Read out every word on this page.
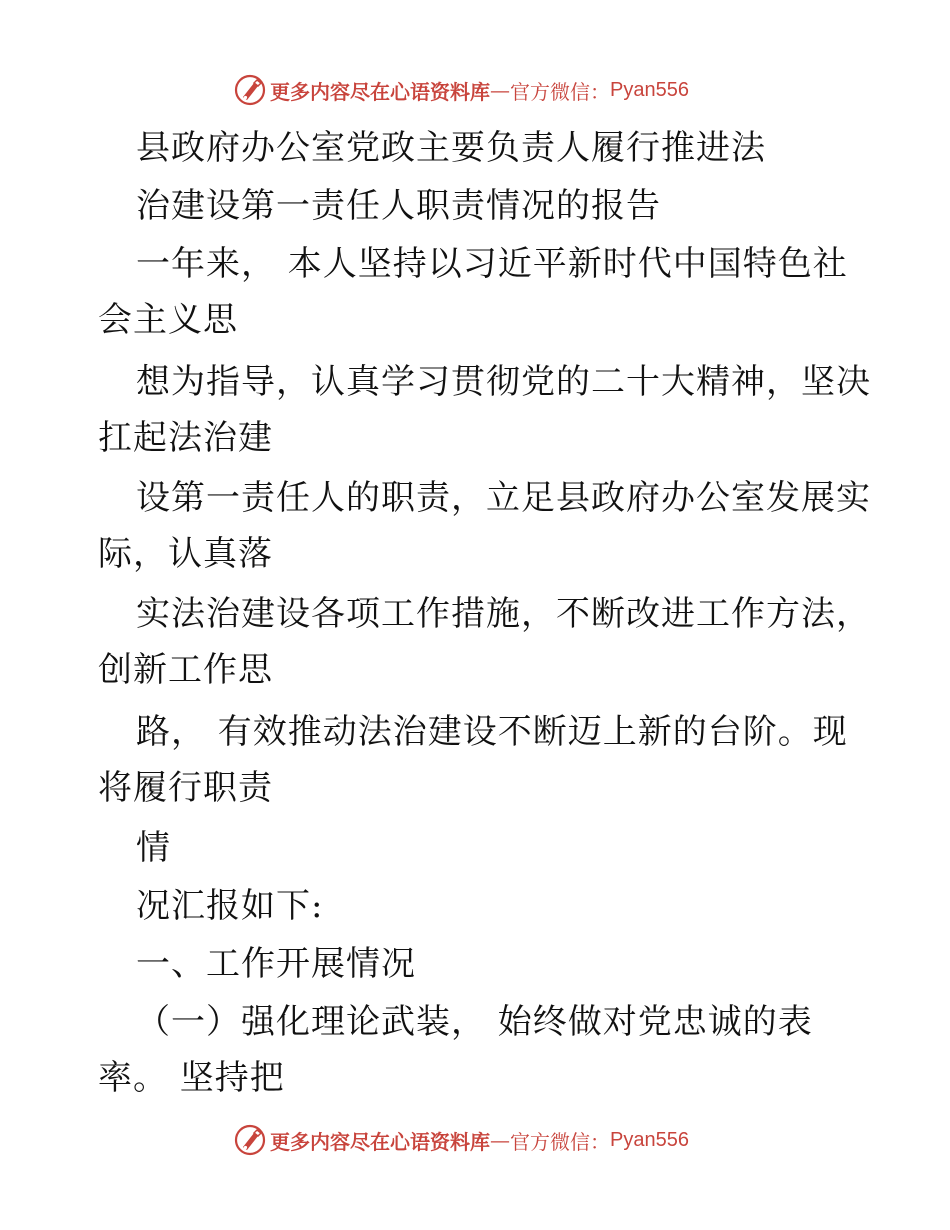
更多内容尽在心语资料库 — 官方微信： Pyan556
县政府办公室党政主要负责人履行推进法
治建设第一责任人职责情况的报告
一年来， 本人坚持以习近平新时代中国特色社
会主义思
想为指导，认真学习贯彻党的二十大精神，坚决
扛起法治建
设第一责任人的职责，立足县政府办公室发展实
际，认真落
实法治建设各项工作措施，不断改进工作方法，
创新工作思
路， 有效推动法治建设不断迈上新的台阶。现
将履行职责
情
况汇报如下:
一、工作开展情况
（一）强化理论武装， 始终做对党忠诚的表
率。 坚持把
更多内容尽在心语资料库 — 官方微信： Pyan556
